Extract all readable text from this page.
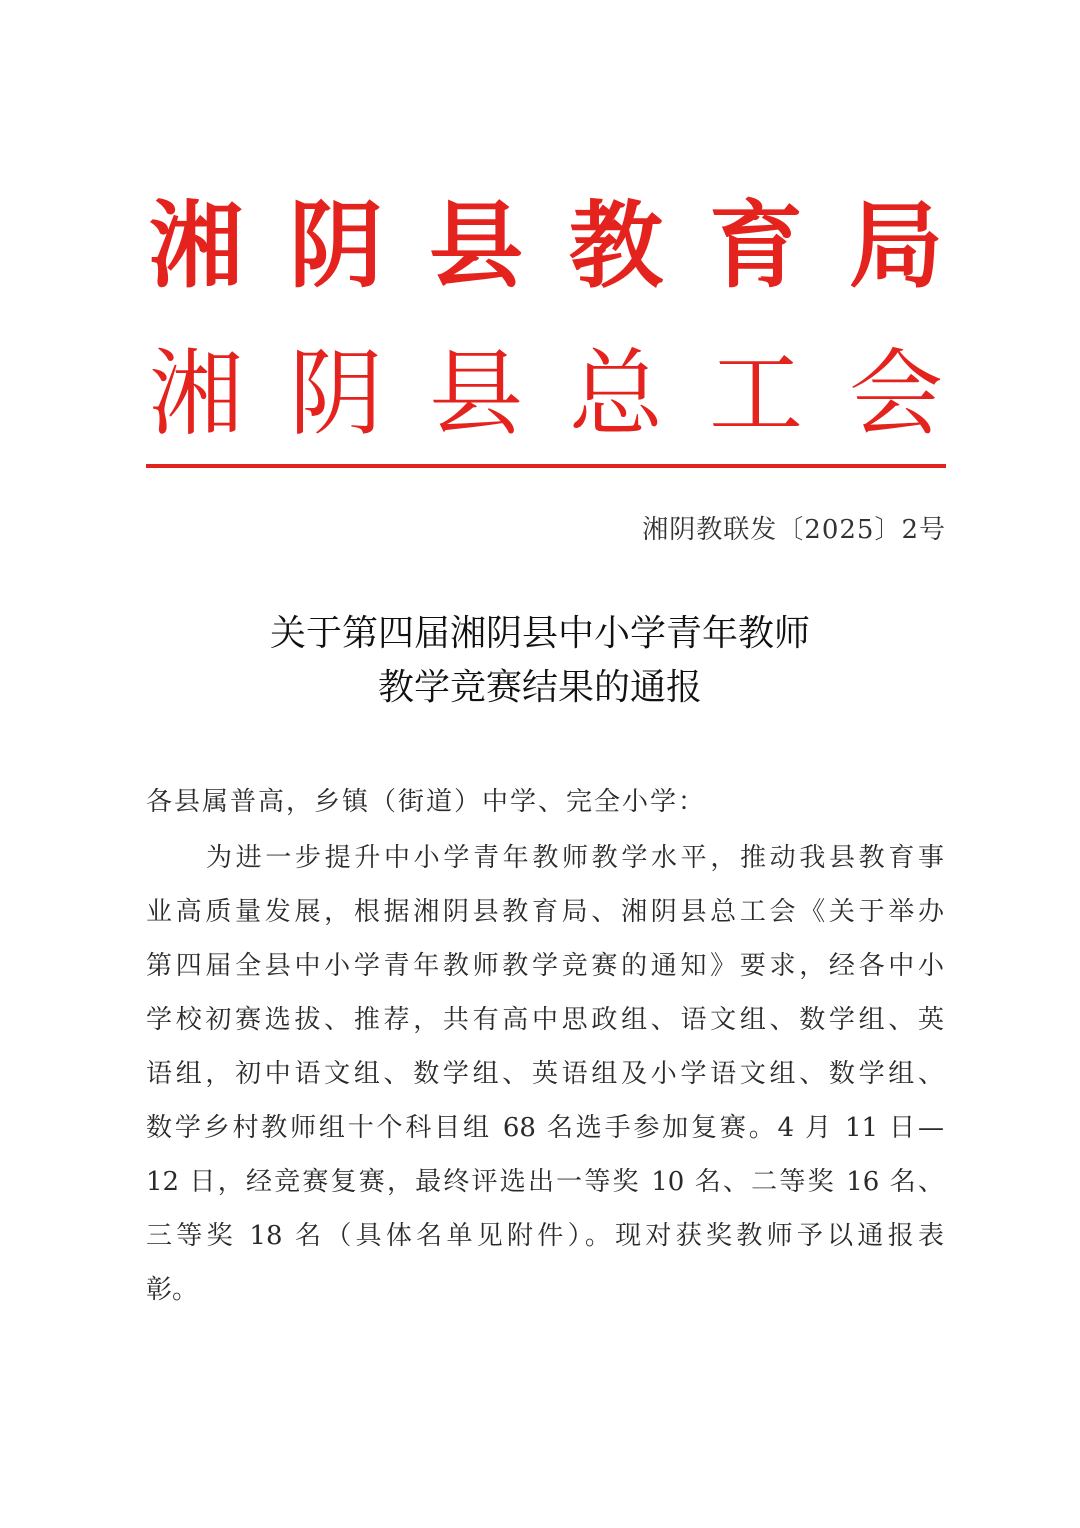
湘 阴 县 教 育 局
湘 阴 县 总 工 会
湘阴教联发〔2025〕2号
关于第四届湘阴县中小学青年教师
教学竞赛结果的通报
各县属普高，乡镇（街道）中学、完全小学：
为进一步提升中小学青年教师教学水平，推动我县教育事
业高质量发展，根据湘阴县教育局、湘阴县总工会《关于举办
第四届全县中小学青年教师教学竞赛的通知》要求，经各中小
学校初赛选拔、推荐，共有高中思政组、语文组、数学组、英
语组，初中语文组、数学组、英语组及小学语文组、数学组、
数学乡村教师组十个科目组 68 名选手参加复赛。4 月 11 日—
12 日，经竞赛复赛，最终评选出一等奖 10 名、二等奖 16 名、
三等奖 18 名（具体名单见附件）。现对获奖教师予以通报表
彰。
